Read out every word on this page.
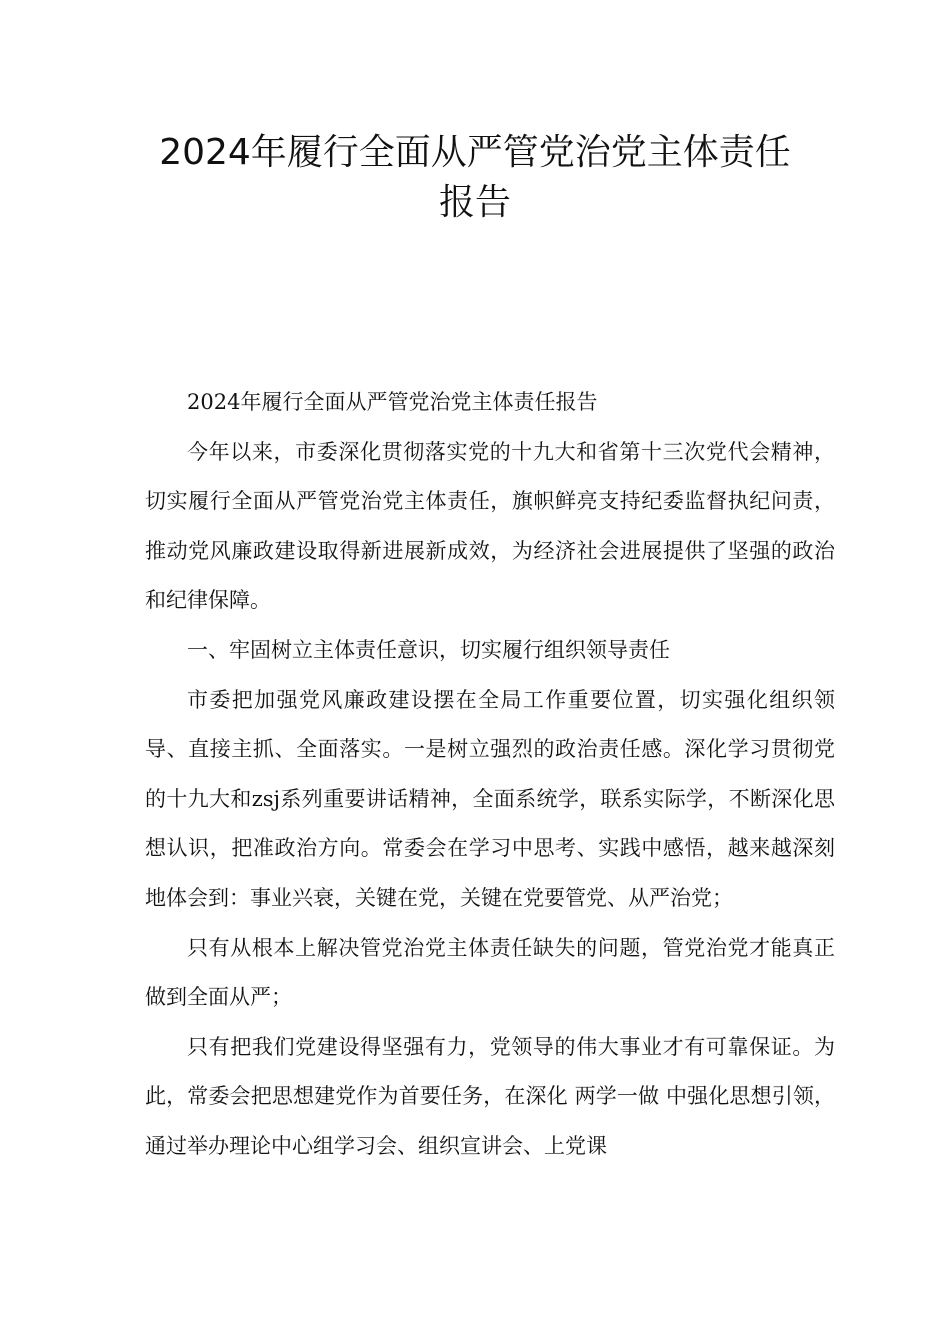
2024年履行全面从严管党治党主体责任
报告

2024年履行全面从严管党治党主体责任报告

今年以来，市委深化贯彻落实党的十九大和省第十三次党代会精神，切实履行全面从严管党治党主体责任，旗帜鲜亮支持纪委监督执纪问责，推动党风廉政建设取得新进展新成效，为经济社会进展提供了坚强的政治和纪律保障。

一、牢固树立主体责任意识，切实履行组织领导责任

市委把加强党风廉政建设摆在全局工作重要位置，切实强化组织领导、直接主抓、全面落实。一是树立强烈的政治责任感。深化学习贯彻党的十九大和zsj系列重要讲话精神，全面系统学，联系实际学，不断深化思想认识，把准政治方向。常委会在学习中思考、实践中感悟，越来越深刻地体会到：事业兴衰，关键在党，关键在党要管党、从严治党；

只有从根本上解决管党治党主体责任缺失的问题，管党治党才能真正做到全面从严；

只有把我们党建设得坚强有力，党领导的伟大事业才有可靠保证。为此，常委会把思想建党作为首要任务，在深化 两学一做 中强化思想引领，通过举办理论中心组学习会、组织宣讲会、上党课
